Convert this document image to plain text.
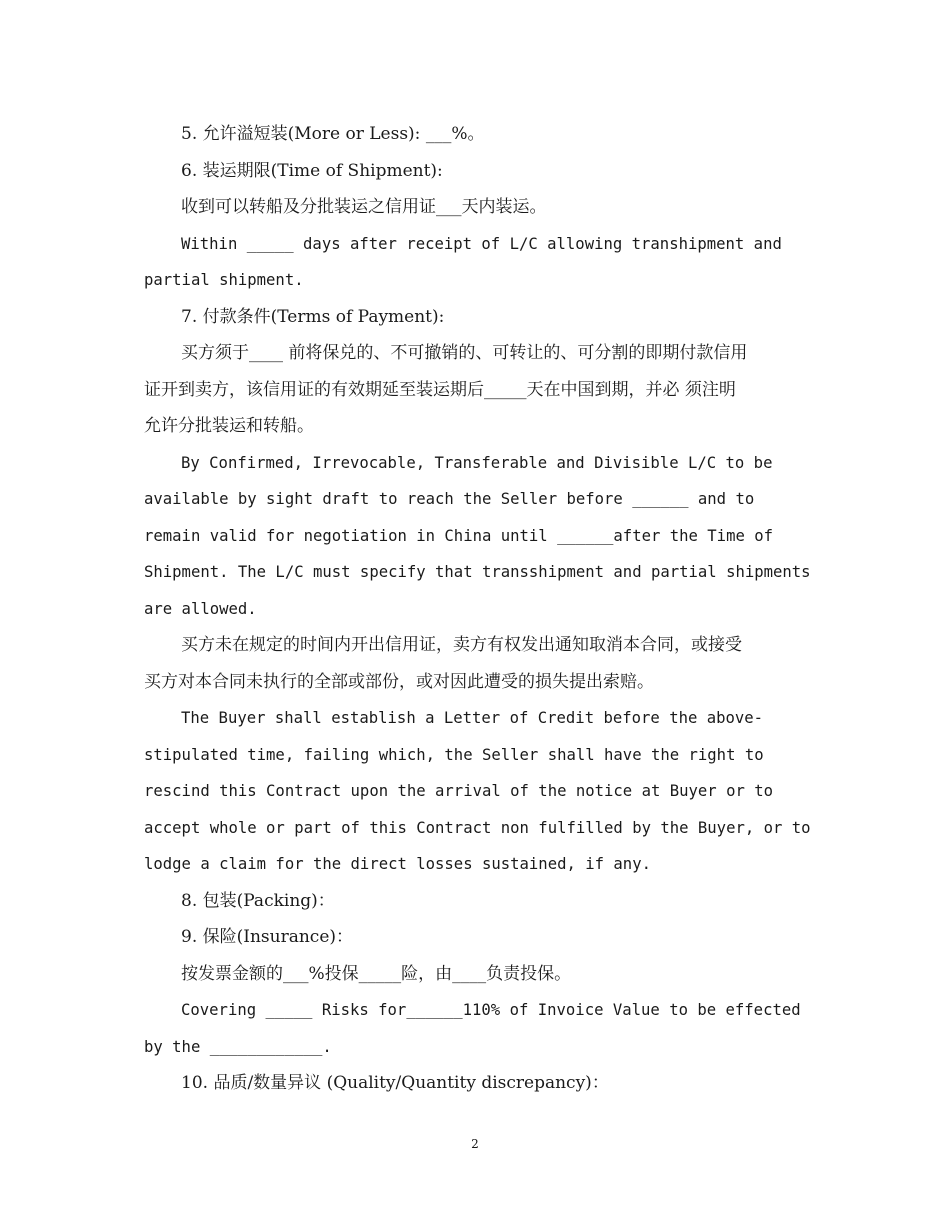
5. 允许溢短装(More or Less): ___%。

6. 装运期限(Time of Shipment):

收到可以转船及分批装运之信用证___天内装运。

Within _____ days after receipt of L/C allowing transhipment and

partial shipment.

7. 付款条件(Terms of Payment):

买方须于____ 前将保兑的、不可撤销的、可转让的、可分割的即期付款信用

证开到卖方，该信用证的有效期延至装运期后_____天在中国到期，并必 须注明

允许分批装运和转船。

By Confirmed, Irrevocable, Transferable and Divisible L/C to be

available by sight draft to reach the Seller before ______ and to

remain valid for negotiation in China until ______after the Time of

Shipment. The L/C must specify that transshipment and partial shipments

are allowed.

买方未在规定的时间内开出信用证，卖方有权发出通知取消本合同，或接受

买方对本合同未执行的全部或部份，或对因此遭受的损失提出索赔。

The Buyer shall establish a Letter of Credit before the above-

stipulated time, failing which, the Seller shall have the right to

rescind this Contract upon the arrival of the notice at Buyer or to

accept whole or part of this Contract non fulfilled by the Buyer, or to

lodge a claim for the direct losses sustained, if any.

8. 包装(Packing)：

9. 保险(Insurance)：

按发票金额的___%投保_____险，由____负责投保。

Covering _____ Risks for______110% of Invoice Value to be effected

by the ____________.

10. 品质/数量异议 (Quality/Quantity discrepancy)：

2
